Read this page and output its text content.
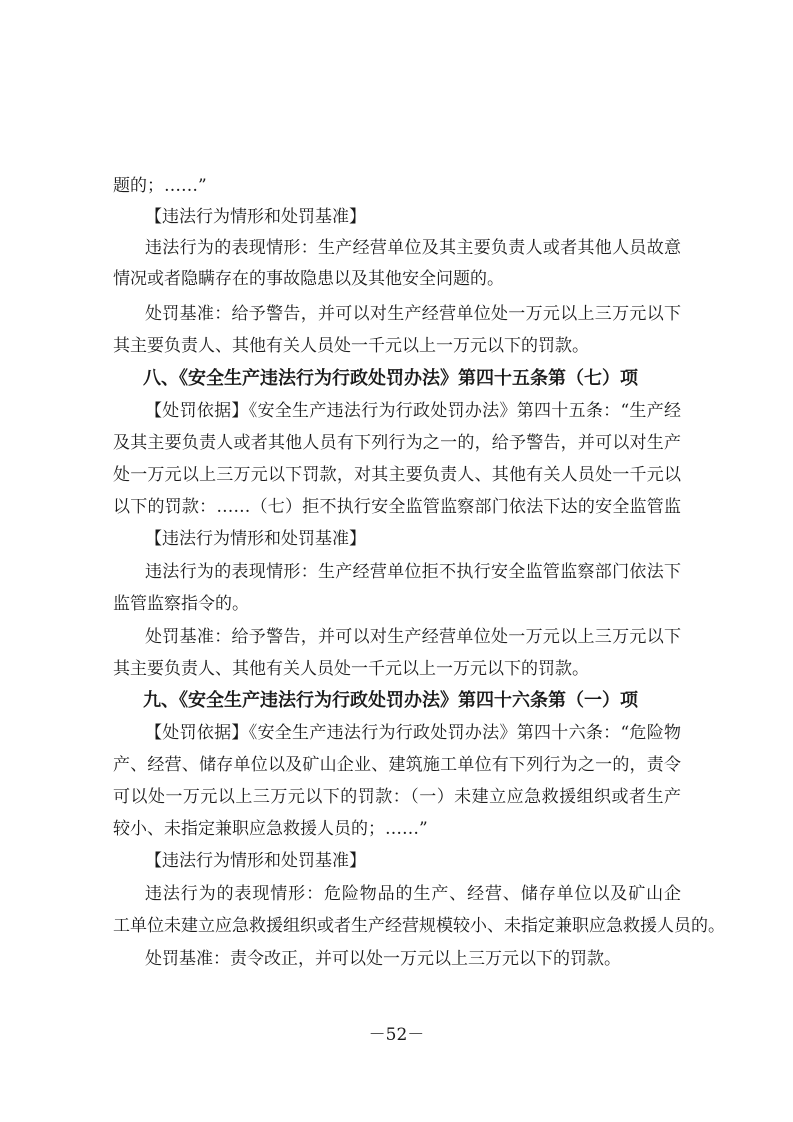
题的；……”
【违法行为情形和处罚基准】
违法行为的表现情形：生产经营单位及其主要负责人或者其他人员故意
情况或者隐瞒存在的事故隐患以及其他安全问题的。
处罚基准：给予警告，并可以对生产经营单位处一万元以上三万元以下
其主要负责人、其他有关人员处一千元以上一万元以下的罚款。
八、《安全生产违法行为行政处罚办法》第四十五条第（七）项
【处罚依据】《安全生产违法行为行政处罚办法》第四十五条：“生产经
及其主要负责人或者其他人员有下列行为之一的，给予警告，并可以对生产
处一万元以上三万元以下罚款，对其主要负责人、其他有关人员处一千元以
以下的罚款：……（七）拒不执行安全监管监察部门依法下达的安全监管监
【违法行为情形和处罚基准】
违法行为的表现情形：生产经营单位拒不执行安全监管监察部门依法下
监管监察指令的。
处罚基准：给予警告，并可以对生产经营单位处一万元以上三万元以下
其主要负责人、其他有关人员处一千元以上一万元以下的罚款。
九、《安全生产违法行为行政处罚办法》第四十六条第（一）项
【处罚依据】《安全生产违法行为行政处罚办法》第四十六条：“危险物
产、经营、储存单位以及矿山企业、建筑施工单位有下列行为之一的，责令
可以处一万元以上三万元以下的罚款：（一）未建立应急救援组织或者生产
较小、未指定兼职应急救援人员的；……”
【违法行为情形和处罚基准】
违法行为的表现情形：危险物品的生产、经营、储存单位以及矿山企
工单位未建立应急救援组织或者生产经营规模较小、未指定兼职应急救援人员的。
处罚基准：责令改正，并可以处一万元以上三万元以下的罚款。
－52－
